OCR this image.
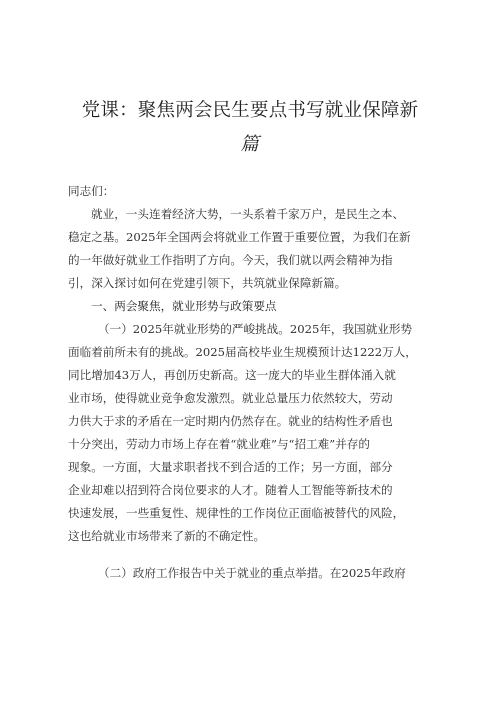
党课：聚焦两会民生要点书写就业保障新
篇
同志们：
就业，一头连着经济大势，一头系着千家万户，是民生之本、
稳定之基。2025年全国两会将就业工作置于重要位置，为我们在新
的一年做好就业工作指明了方向。今天，我们就以两会精神为指
引，深入探讨如何在党建引领下，共筑就业保障新篇。
一、两会聚焦，就业形势与政策要点
（一）2025年就业形势的严峻挑战。2025年，我国就业形势
面临着前所未有的挑战。2025届高校毕业生规模预计达1222万人，
同比增加43万人，再创历史新高。这一庞大的毕业生群体涌入就
业市场，使得就业竞争愈发激烈。就业总量压力依然较大，劳动
力供大于求的矛盾在一定时期内仍然存在。就业的结构性矛盾也
十分突出，劳动力市场上存在着“就业难”与“招工难”并存的
现象。一方面，大量求职者找不到合适的工作；另一方面，部分
企业却难以招到符合岗位要求的人才。随着人工智能等新技术的
快速发展，一些重复性、规律性的工作岗位正面临被替代的风险，
这也给就业市场带来了新的不确定性。
（二）政府工作报告中关于就业的重点举措。在2025年政府
